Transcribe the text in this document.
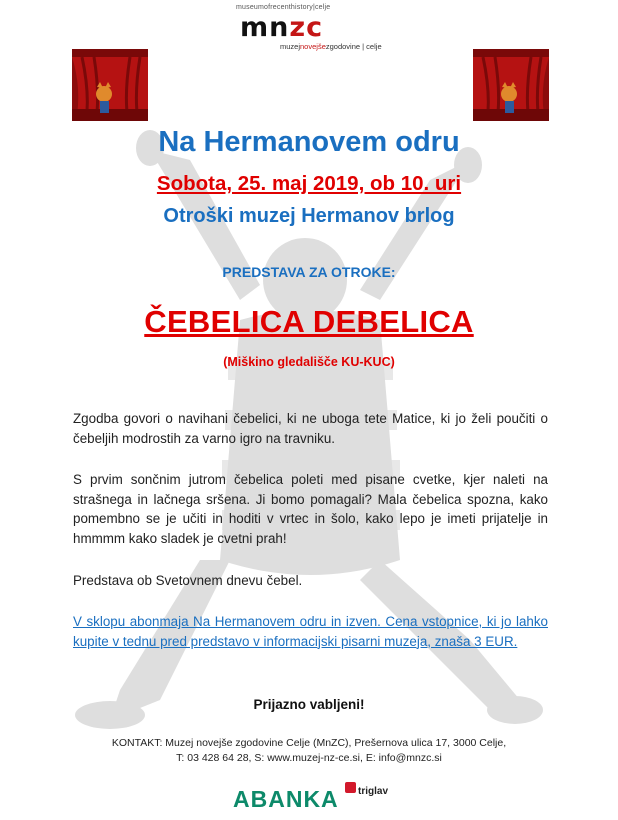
museumofrecenthistory|celje
mnzc
muzejnovejšezgodovine | celje
Na Hermanovem odru
Sobota, 25. maj 2019, ob 10. uri
Otroški muzej Hermanov brlog
PREDSTAVA ZA OTROKE:
ČEBELICA DEBELICA
(Miškino gledališče KU-KUC)
Zgodba govori o navihani čebelici, ki ne uboga tete Matice, ki jo želi poučiti o čebeljih modrostih za varno igro na travniku.
S prvim sončnim jutrom čebelica poleti med pisane cvetke, kjer naleti na strašnega in lačnega sršena. Ji bomo pomagali? Mala čebelica spozna, kako pomembno se je učiti in hoditi v vrtec in šolo, kako lepo je imeti prijatelje in hmmmm kako sladek je cvetni prah!
Predstava ob Svetovnem dnevu čebel.
V sklopu abonmaja Na Hermanovem odru in izven. Cena vstopnice, ki jo lahko kupite v tednu pred predstavo v informacijski pisarni muzeja, znaša 3 EUR.
Prijazno vabljeni!
KONTAKT: Muzej novejše zgodovine Celje (MnZC), Prešernova ulica 17, 3000 Celje,
T: 03 428 64 28, S: www.muzej-nz-ce.si, E: info@mnzc.si
ABANKA triglav
